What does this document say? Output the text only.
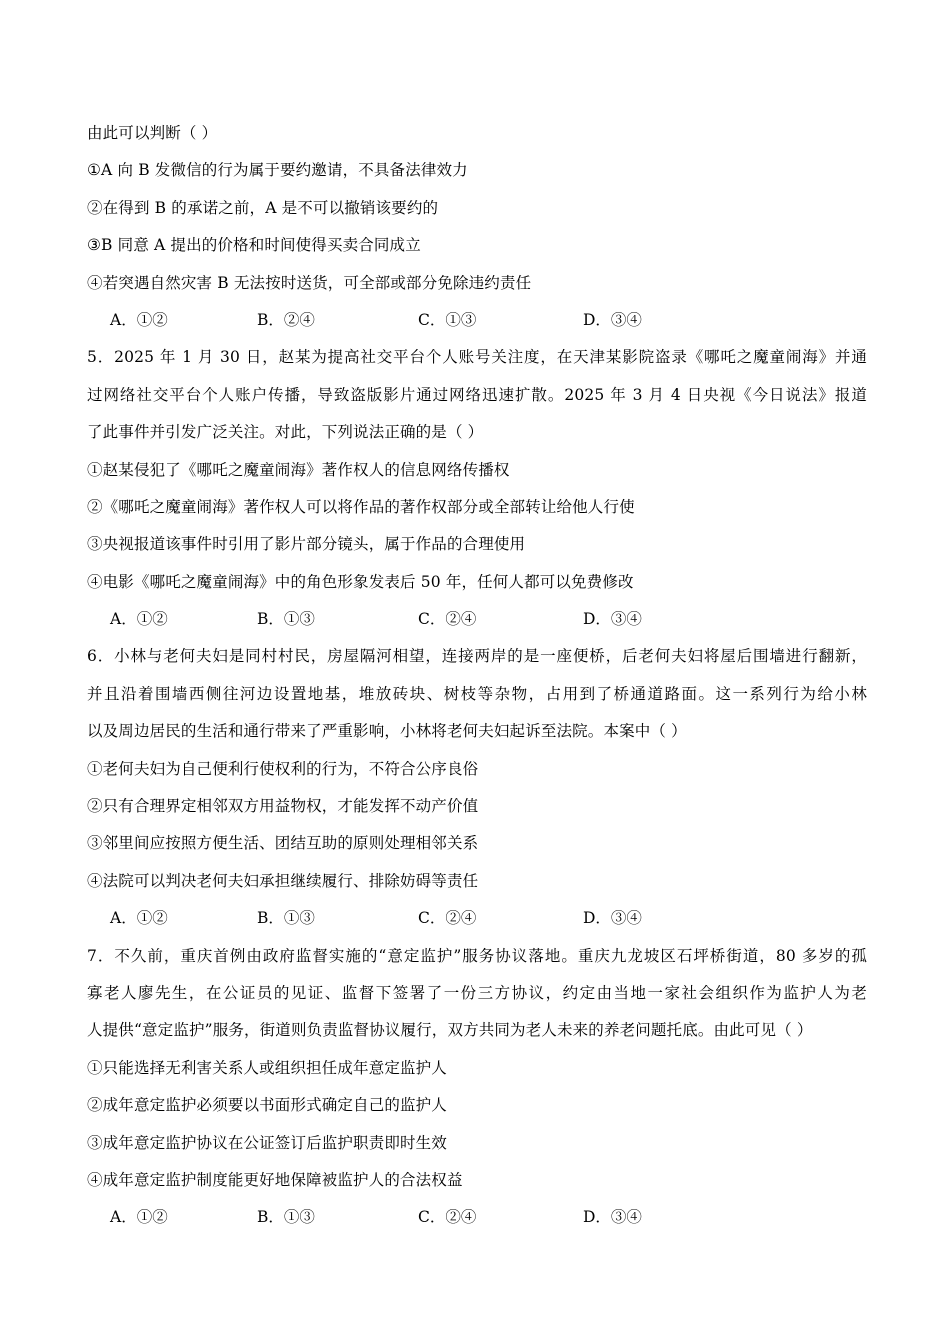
由此可以判断（ ）
①A 向 B 发微信的行为属于要约邀请，不具备法律效力
②在得到 B 的承诺之前，A 是不可以撤销该要约的
③B 同意 A 提出的价格和时间使得买卖合同成立
④若突遇自然灾害 B 无法按时送货，可全部或部分免除违约责任
A．①②	B．②④	C．①③	D．③④
5．2025 年 1 月 30 日，赵某为提高社交平台个人账号关注度，在天津某影院盗录《哪吒之魔童闹海》并通
过网络社交平台个人账户传播，导致盗版影片通过网络迅速扩散。2025 年 3 月 4 日央视《今日说法》报道
了此事件并引发广泛关注。对此，下列说法正确的是（ ）
①赵某侵犯了《哪吒之魔童闹海》著作权人的信息网络传播权
②《哪吒之魔童闹海》著作权人可以将作品的著作权部分或全部转让给他人行使
③央视报道该事件时引用了影片部分镜头，属于作品的合理使用
④电影《哪吒之魔童闹海》中的角色形象发表后 50 年，任何人都可以免费修改
A．①②	B．①③	C．②④	D．③④
6．小林与老何夫妇是同村村民，房屋隔河相望，连接两岸的是一座便桥，后老何夫妇将屋后围墙进行翻新，
并且沿着围墙西侧往河边设置地基，堆放砖块、树枝等杂物，占用到了桥通道路面。这一系列行为给小林
以及周边居民的生活和通行带来了严重影响，小林将老何夫妇起诉至法院。本案中（ ）
①老何夫妇为自己便利行使权利的行为，不符合公序良俗
②只有合理界定相邻双方用益物权，才能发挥不动产价值
③邻里间应按照方便生活、团结互助的原则处理相邻关系
④法院可以判决老何夫妇承担继续履行、排除妨碍等责任
A．①②	B．①③	C．②④	D．③④
7．不久前，重庆首例由政府监督实施的“意定监护”服务协议落地。重庆九龙坡区石坪桥街道，80 多岁的孤
寡老人廖先生，在公证员的见证、监督下签署了一份三方协议，约定由当地一家社会组织作为监护人为老
人提供“意定监护”服务，街道则负责监督协议履行，双方共同为老人未来的养老问题托底。由此可见（ ）
①只能选择无利害关系人或组织担任成年意定监护人
②成年意定监护必须要以书面形式确定自己的监护人
③成年意定监护协议在公证签订后监护职责即时生效
④成年意定监护制度能更好地保障被监护人的合法权益
A．①②	B．①③	C．②④	D．③④
